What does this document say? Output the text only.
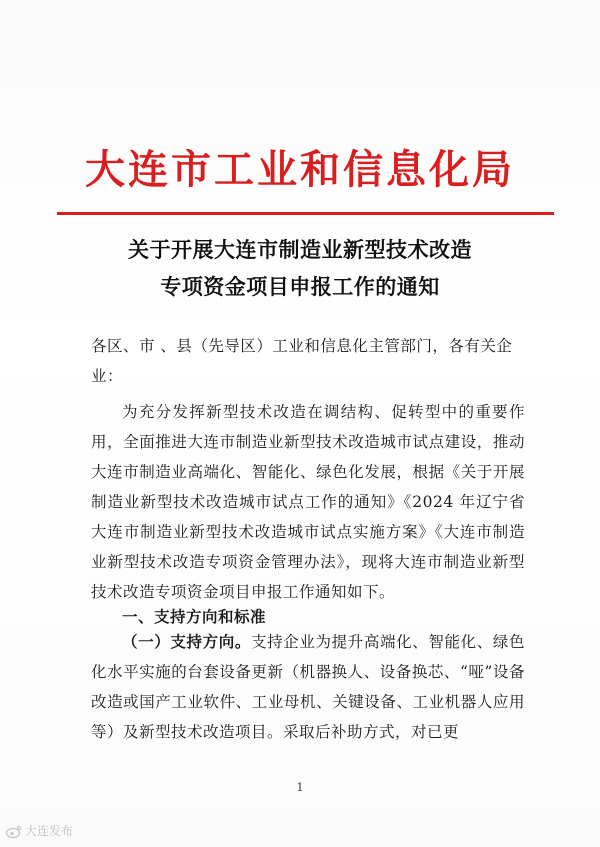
大连市工业和信息化局
关于开展大连市制造业新型技术改造
专项资金项目申报工作的通知
各区、市 、县（先导区）工业和信息化主管部门，各有关企业：
为充分发挥新型技术改造在调结构、促转型中的重要作用，全面推进大连市制造业新型技术改造城市试点建设，推动大连市制造业高端化、智能化、绿色化发展，根据《关于开展制造业新型技术改造城市试点工作的通知》《2024 年辽宁省大连市制造业新型技术改造城市试点实施方案》《大连市制造业新型技术改造专项资金管理办法》，现将大连市制造业新型技术改造专项资金项目申报工作通知如下。
一、支持方向和标准
（一）支持方向。支持企业为提升高端化、智能化、绿色化水平实施的台套设备更新（机器换人、设备换芯、“哑”设备改造或国产工业软件、工业母机、关键设备、工业机器人应用等）及新型技术改造项目。采取后补助方式，对已更
1
大连发布
